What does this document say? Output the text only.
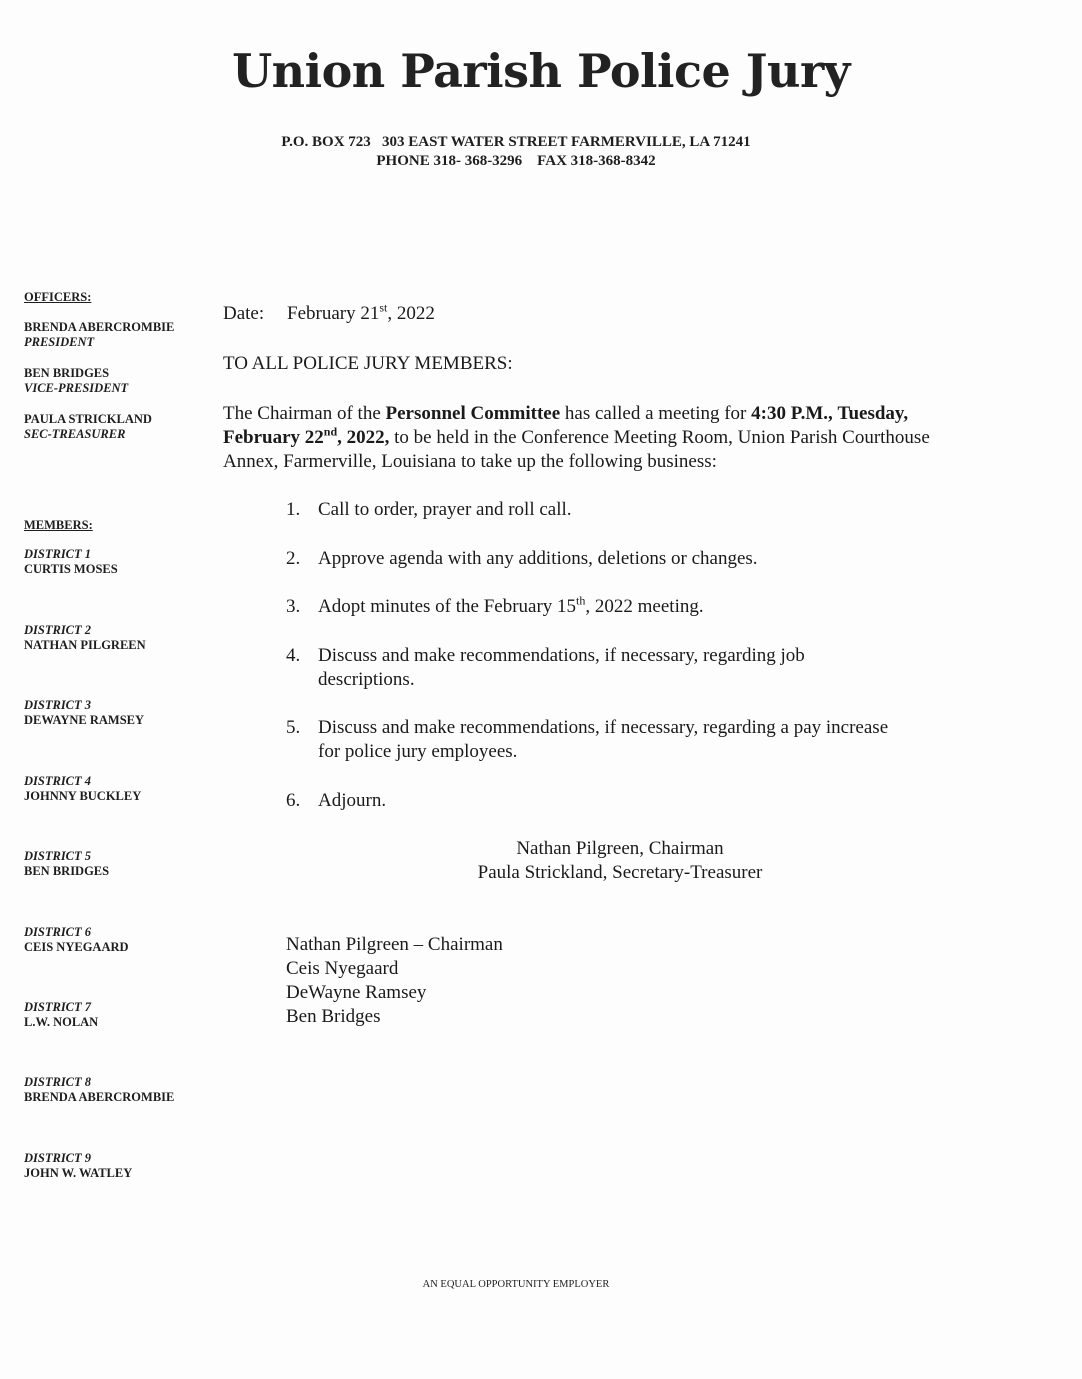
Union Parish Police Jury
P.O. BOX 723   303 EAST WATER STREET FARMERVILLE, LA 71241
PHONE 318- 368-3296    FAX 318-368-8342
OFFICERS:
BRENDA ABERCROMBIE
PRESIDENT
BEN BRIDGES
VICE-PRESIDENT
PAULA STRICKLAND
SEC-TREASURER
MEMBERS:
DISTRICT 1
CURTIS MOSES
DISTRICT 2
NATHAN PILGREEN
DISTRICT 3
DEWAYNE RAMSEY
DISTRICT 4
JOHNNY BUCKLEY
DISTRICT 5
BEN BRIDGES
DISTRICT 6
CEIS NYEGAARD
DISTRICT 7
L.W. NOLAN
DISTRICT 8
BRENDA ABERCROMBIE
DISTRICT 9
JOHN W. WATLEY
Date: February 21st, 2022
TO ALL POLICE JURY MEMBERS:
The Chairman of the Personnel Committee has called a meeting for 4:30 P.M., Tuesday, February 22nd, 2022, to be held in the Conference Meeting Room, Union Parish Courthouse Annex, Farmerville, Louisiana to take up the following business:
1. Call to order, prayer and roll call.
2. Approve agenda with any additions, deletions or changes.
3. Adopt minutes of the February 15th, 2022 meeting.
4. Discuss and make recommendations, if necessary, regarding job descriptions.
5. Discuss and make recommendations, if necessary, regarding a pay increase for police jury employees.
6. Adjourn.
Nathan Pilgreen, Chairman
Paula Strickland, Secretary-Treasurer
Nathan Pilgreen – Chairman
Ceis Nyegaard
DeWayne Ramsey
Ben Bridges
AN EQUAL OPPORTUNITY EMPLOYER
